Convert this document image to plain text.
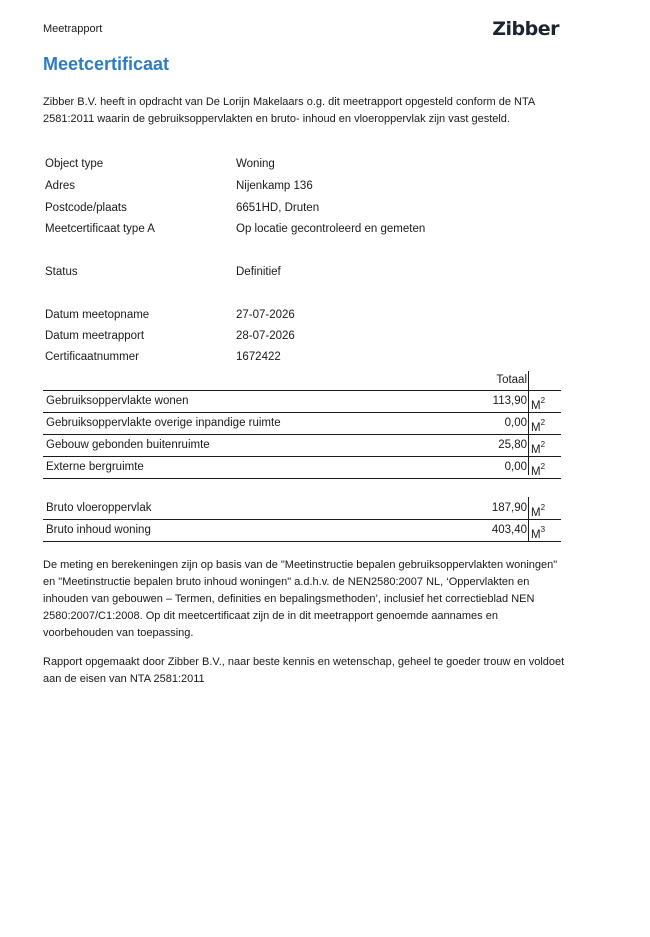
Meetrapport	Zibber
Meetcertificaat
Zibber B.V. heeft in opdracht van De Lorijn Makelaars o.g. dit meetrapport opgesteld conform de NTA 2581:2011 waarin de gebruiksoppervlakten en bruto- inhoud en vloeroppervlak zijn vast gesteld.
Object type	Woning
Adres	Nijenkamp 136
Postcode/plaats	6651HD, Druten
Meetcertificaat type A	Op locatie gecontroleerd en gemeten
Status	Definitief
Datum meetopname	27-07-2026
Datum meetrapport	28-07-2026
Certificaatnummer	1672422
Totaal
Gebruiksoppervlakte wonen	113,90 $M^2$
Gebruiksoppervlakte overige inpandige ruimte	0,00 $M^2$
Gebouw gebonden buitenruimte	25,80 $M^2$
Externe bergruimte	0,00 $M^2$
Bruto vloeroppervlak	187,90 $M^2$
Bruto inhoud woning	403,40 $M^3$
De meting en berekeningen zijn op basis van de "Meetinstructie bepalen gebruiksoppervlakten woningen" en "Meetinstructie bepalen bruto inhoud woningen" a.d.h.v. de NEN2580:2007 NL, ‘Oppervlakten en inhouden van gebouwen – Termen, definities en bepalingsmethoden’, inclusief het correctieblad NEN 2580:2007/C1:2008. Op dit meetcertificaat zijn de in dit meetrapport genoemde aannames en voorbehouden van toepassing.
Rapport opgemaakt door Zibber B.V., naar beste kennis en wetenschap, geheel te goeder trouw en voldoet aan de eisen van NTA 2581:2011
